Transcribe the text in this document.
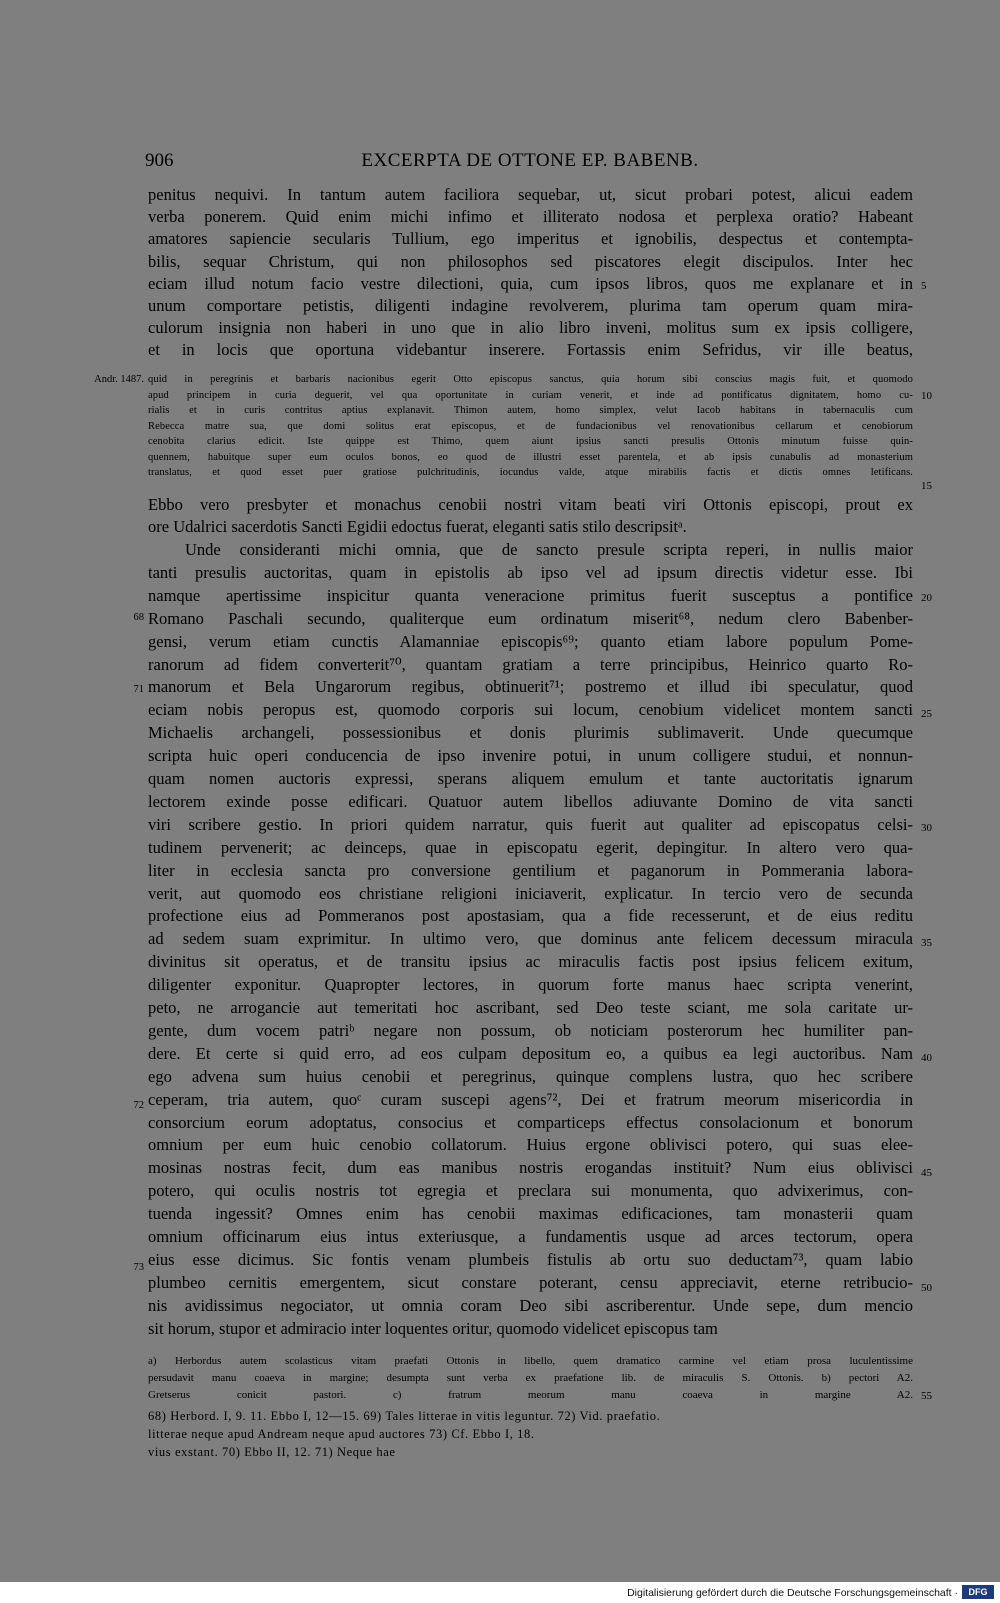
906	EXCERPTA DE OTTONE EP. BABENB.
penitus nequivi. In tantum autem faciliora sequebar, ut, sicut probari potest, alicui eadem
verba ponerem. Quid enim michi infimo et illiterato nodosa et perplexa oratio? Habeant
amatores sapiencie secularis Tullium, ego imperitus et ignobilis, despectus et contempta-
bilis, sequar Christum, qui non philosophos sed piscatores elegit discipulos. Inter hec
eciam illud notum facio vestre dilectioni, quia, cum ipsos libros, quos me explanare et in
unum comportare petistis, diligenti indagine revolverem, plurima tam operum quam mira-
culorum insignia non haberi in uno que in alio libro inveni, molitus sum ex ipsis colligere,
et in locis que oportuna videbantur inserere. Fortassis enim Sefridus, vir ille beatus,
quid in peregrinis et barbaris nacionibus egerit Otto episcopus sanctus, quia horum sibi conscius magis fuit, et quomodo
apud principem in curia deguerit, vel qua oportunitate in curiam venerit, et inde ad pontificatus dignitatem, homo cu-
rialis et in curis contritus aptius explanavit. Thimon autem, homo simplex, velut Iacob habitans in tabernaculis cum
Rebecca matre sua, que domi solitus erat episcopus, et de fundacionibus vel renovationibus cellarum et cenobiorum
cenobita clarius edicit. Iste quippe est Thimo, quem aiunt ipsius sancti presulis Ottonis minutum fuisse quin-
quennem, habuitque super eum oculos bonos, eo quod de illustri esset parentela, et ab ipsis cunabulis ad monasterium
translatus, et quod esset puer gratiose pulchritudinis, iocundus valde, atque mirabilis factis et dictis omnes letificans.
Ebbo vero presbyter et monachus cenobii nostri vitam beati viri Ottonis episcopi, prout ex
ore Udalrici sacerdotis Sancti Egidii edoctus fuerat, eleganti satis stilo descripsitᵃ.
Unde consideranti michi omnia, que de sancto presule scripta reperi, in nullis maior
tanti presulis auctoritas, quam in epistolis ab ipso vel ad ipsum directis videtur esse. Ibi
namque apertissime inspicitur quanta veneracione primitus fuerit susceptus a pontifice
Romano Paschali secundo, qualiterque eum ordinatum miserit⁶⁸, nedum clero Babenber-
gensi, verum etiam cunctis Alamanniae episcopis⁶⁹; quanto etiam labore populum Pome-
ranorum ad fidem converterit⁷⁰, quantam gratiam a terre principibus, Heinrico quarto Ro-
manorum et Bela Ungarorum regibus, obtinuerit⁷¹; postremo et illud ibi speculatur, quod
eciam nobis peropus est, quomodo corporis sui locum, cenobium videlicet montem sancti
Michaelis archangeli, possessionibus et donis plurimis sublimaverit. Unde quecumque
scripta huic operi conducencia de ipso invenire potui, in unum colligere studui, et nonnun-
quam nomen auctoris expressi, sperans aliquem emulum et tante auctoritatis ignarum
lectorem exinde posse edificari. Quatuor autem libellos adiuvante Domino de vita sancti
viri scribere gestio. In priori quidem narratur, quis fuerit aut qualiter ad episcopatus celsi-
tudinem pervenerit; ac deinceps, quae in episcopatu egerit, depingitur. In altero vero qua-
liter in ecclesia sancta pro conversione gentilium et paganorum in Pommerania labora-
verit, aut quomodo eos christiane religioni iniciaverit, explicatur. In tercio vero de secunda
profectione eius ad Pommeranos post apostasiam, qua a fide recesserunt, et de eius reditu
ad sedem suam exprimitur. In ultimo vero, que dominus ante felicem decessum miracula
divinitus sit operatus, et de transitu ipsius ac miraculis factis post ipsius felicem exitum,
diligenter exponitur. Quapropter lectores, in quorum forte manus haec scripta venerint,
peto, ne arrogancie aut temeritati hoc ascribant, sed Deo teste sciant, me sola caritate ur-
gente, dum vocem patriᵇ negare non possum, ob noticiam posterorum hec humiliter pan-
dere. Et certe si quid erro, ad eos culpam depositum eo, a quibus ea legi auctoribus. Nam
ego advena sum huius cenobii et peregrinus, quinque complens lustra, quo hec scribere
ceperam, tria autem, quoᶜ curam suscepi agens⁷², Dei et fratrum meorum misericordia in
consorcium eorum adoptatus, consocius et comparticeps effectus consolacionum et bonorum
omnium per eum huic cenobio collatorum. Huius ergone oblivisci potero, qui suas elee-
mosinas nostras fecit, dum eas manibus nostris erogandas instituit? Num eius oblivisci
potero, qui oculis nostris tot egregia et preclara sui monumenta, quo advixerimus, con-
tuenda ingessit? Omnes enim has cenobii maximas edificaciones, tam monasterii quam
omnium officinarum eius intus exteriusque, a fundamentis usque ad arces tectorum, opera
eius esse dicimus. Sic fontis venam plumbeis fistulis ab ortu suo deductam⁷³, quam labio
plumbeo cernitis emergentem, sicut constare poterant, censu appreciavit, eterne retribucio-
nis avidissimus negociator, ut omnia coram Deo sibi ascriberentur. Unde sepe, dum mencio
sit horum, stupor et admiracio inter loquentes oritur, quomodo videlicet episcopus tam
a) Herbordus autem scolasticus vitam praefati Ottonis in libello, quem dramatico carmine vel etiam prosa luculentissime
persudavit manu coaeva in margine; desumpta sunt verba ex praefatione lib. de miraculis S. Ottonis. b) pectori A2.
Gretserus conicit pastori. c) fratrum meorum manu coaeva in margine A2.
Andr. 1487.
68
71
72
73
5
10
15
20
25
30
35
40
45
50
55
68) Herbord. I, 9. 11. Ebbo I, 12—15. 69) Tales litterae in vitis leguntur. 72) Vid. praefatio.
litterae neque apud Andream neque apud auctores 73) Cf. Ebbo I, 18.
vius exstant. 70) Ebbo II, 12. 71) Neque hae
Digitalisierung gefördert durch die Deutsche Forschungsgemeinschaft ·	DFG
